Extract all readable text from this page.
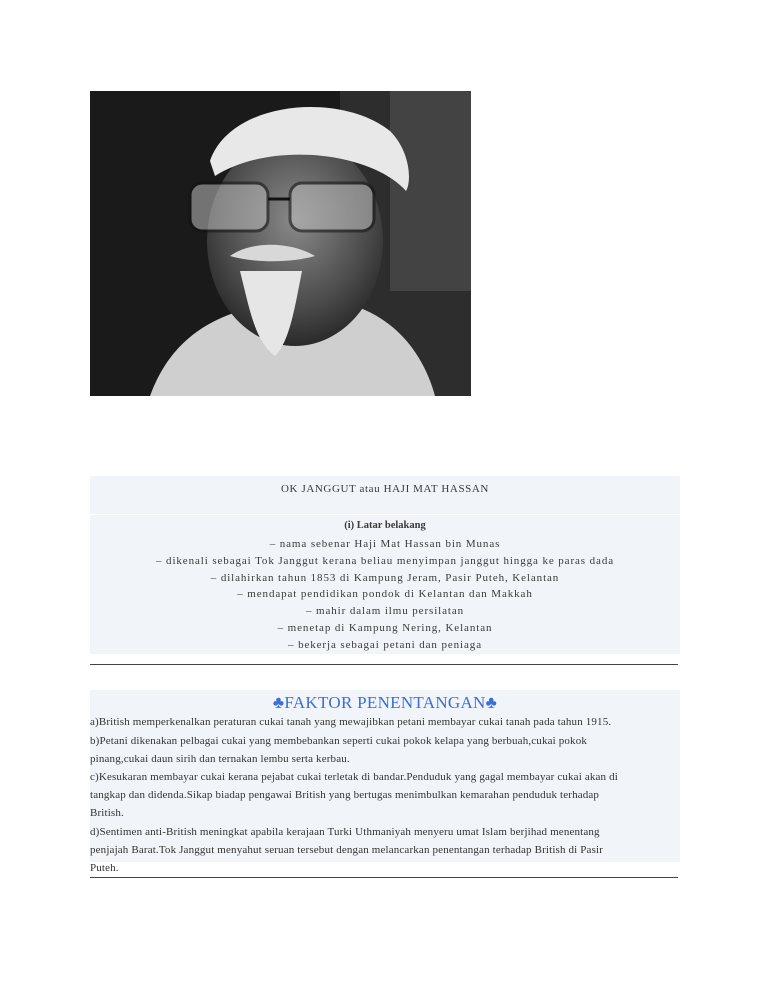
OK JANGGUT atau HAJI MAT HASSAN
(i) Latar belakang
– nama sebenar Haji Mat Hassan bin Munas
– dikenali sebagai Tok Janggut kerana beliau menyimpan janggut hingga ke paras dada
– dilahirkan tahun 1853 di Kampung Jeram, Pasir Puteh, Kelantan
– mendapat pendidikan pondok di Kelantan dan Makkah
– mahir dalam ilmu persilatan
– menetap di Kampung Nering, Kelantan
– bekerja sebagai petani dan peniaga
♣FAKTOR PENENTANGAN♣
a)British memperkenalkan peraturan cukai tanah yang mewajibkan petani membayar cukai tanah pada tahun 1915.
b)Petani dikenakan pelbagai cukai yang membebankan seperti cukai pokok kelapa yang berbuah,cukai pokok
pinang,cukai daun sirih dan ternakan lembu serta kerbau.
c)Kesukaran membayar cukai kerana pejabat cukai terletak di bandar.Penduduk yang gagal membayar cukai akan di
tangkap dan didenda.Sikap biadap pengawai British yang bertugas menimbulkan kemarahan penduduk terhadap
British.
d)Sentimen anti-British meningkat apabila kerajaan Turki Uthmaniyah menyeru umat Islam berjihad menentang
penjajah Barat.Tok Janggut menyahut seruan tersebut dengan melancarkan penentangan terhadap British di Pasir
Puteh.
